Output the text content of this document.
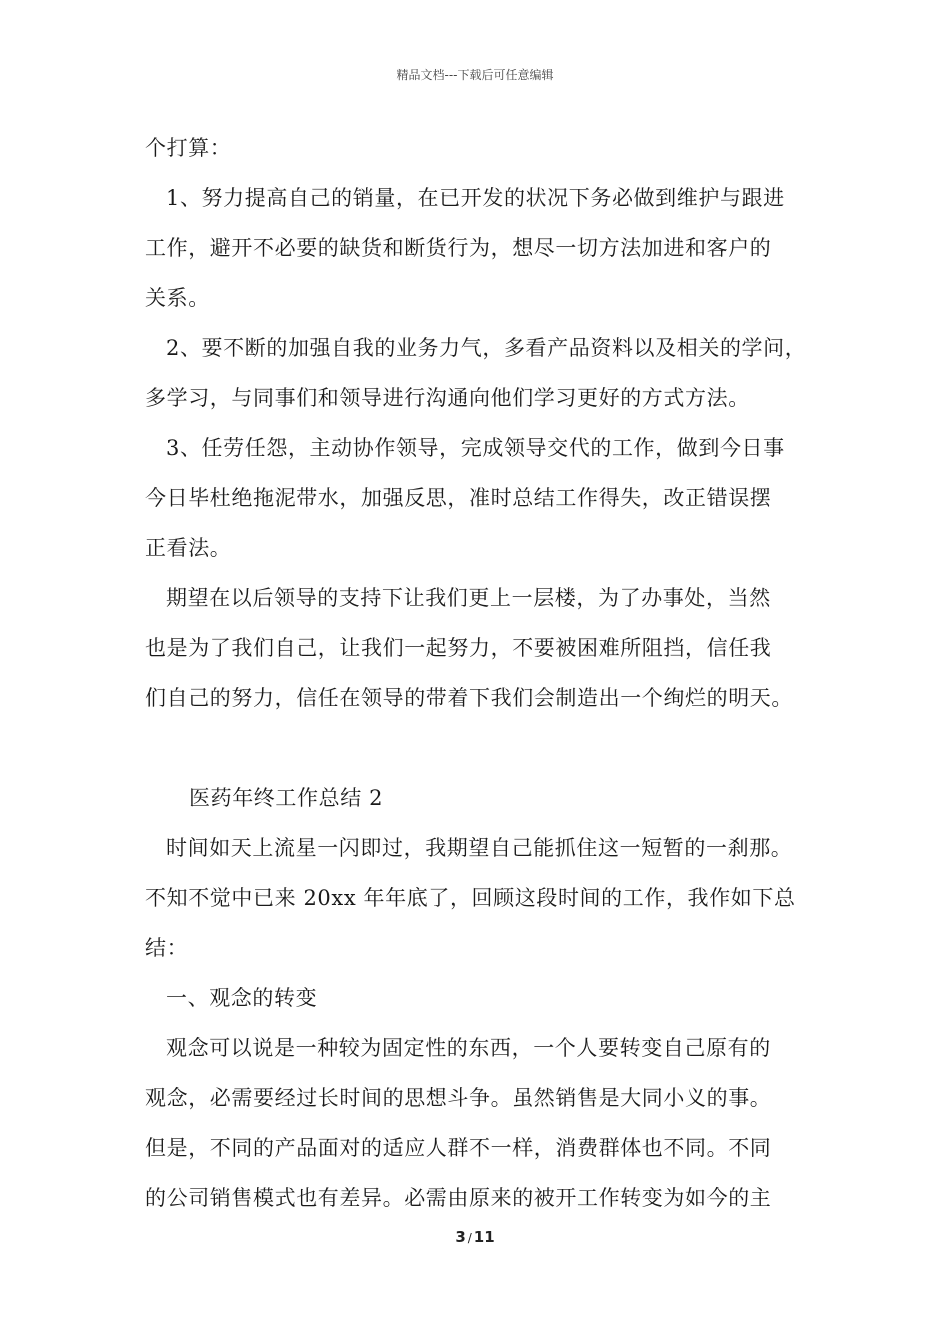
精品文档---下载后可任意编辑
个打算：
1、努力提高自己的销量，在已开发的状况下务必做到维护与跟进
工作，避开不必要的缺货和断货行为，想尽一切方法加进和客户的
关系。
2、要不断的加强自我的业务力气，多看产品资料以及相关的学问，
多学习，与同事们和领导进行沟通向他们学习更好的方式方法。
3、任劳任怨，主动协作领导，完成领导交代的工作，做到今日事
今日毕杜绝拖泥带水，加强反思，准时总结工作得失，改正错误摆
正看法。
期望在以后领导的支持下让我们更上一层楼，为了办事处，当然
也是为了我们自己，让我们一起努力，不要被困难所阻挡，信任我
们自己的努力，信任在领导的带着下我们会制造出一个绚烂的明天。
医药年终工作总结 2
时间如天上流星一闪即过，我期望自己能抓住这一短暂的一刹那。
不知不觉中已来 20xx 年年底了，回顾这段时间的工作，我作如下总
结：
一、观念的转变
观念可以说是一种较为固定性的东西，一个人要转变自己原有的
观念，必需要经过长时间的思想斗争。虽然销售是大同小义的事。
但是，不同的产品面对的适应人群不一样，消费群体也不同。不同
的公司销售模式也有差异。必需由原来的被开工作转变为如今的主
3 / 11
